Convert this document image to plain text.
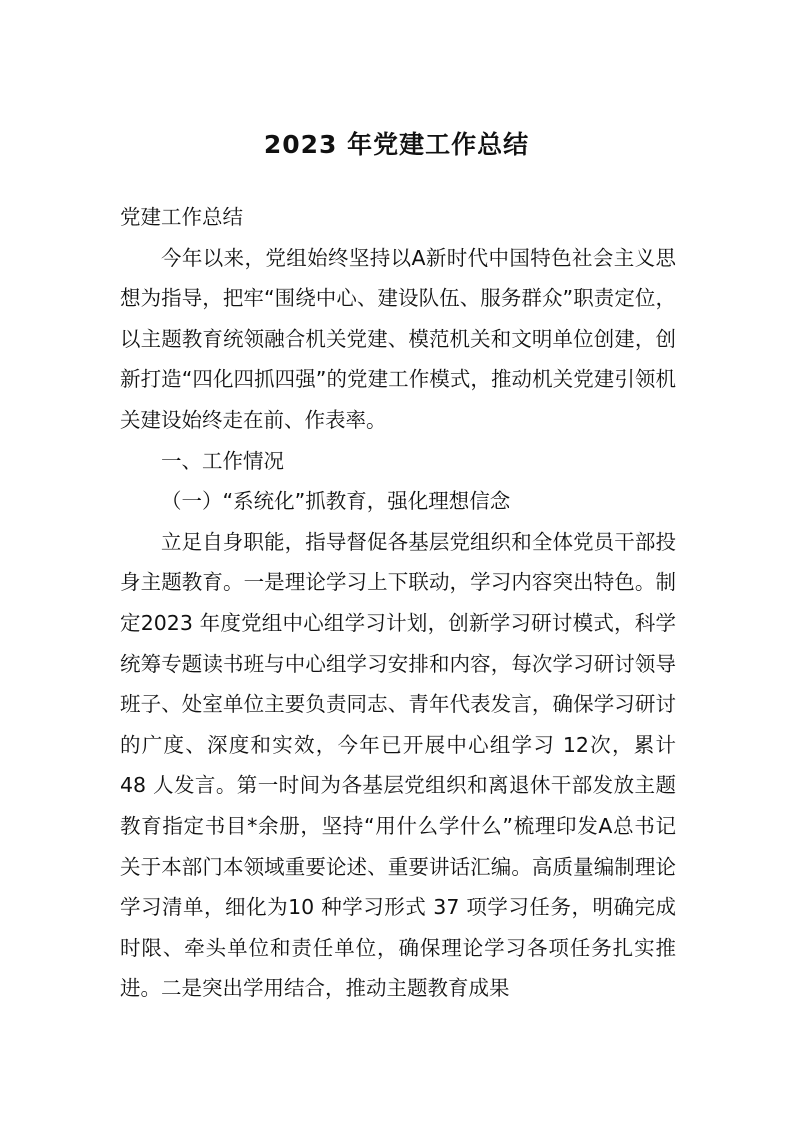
2023 年党建工作总结

党建工作总结

今年以来，党组始终坚持以A新时代中国特色社会主义思想为指导，把牢“围绕中心、建设队伍、服务群众”职责定位，以主题教育统领融合机关党建、模范机关和文明单位创建，创新打造“四化四抓四强”的党建工作模式，推动机关党建引领机关建设始终走在前、作表率。

一、工作情况

（一）“系统化”抓教育，强化理想信念

立足自身职能，指导督促各基层党组织和全体党员干部投身主题教育。一是理论学习上下联动，学习内容突出特色。制定2023 年度党组中心组学习计划，创新学习研讨模式，科学统筹专题读书班与中心组学习安排和内容，每次学习研讨领导班子、处室单位主要负责同志、青年代表发言，确保学习研讨的广度、深度和实效，今年已开展中心组学习 12次，累计 48 人发言。第一时间为各基层党组织和离退休干部发放主题教育指定书目*余册，坚持“用什么学什么”梳理印发A总书记关于本部门本领域重要论述、重要讲话汇编。高质量编制理论学习清单，细化为10 种学习形式 37 项学习任务，明确完成时限、牵头单位和责任单位，确保理论学习各项任务扎实推进。二是突出学用结合，推动主题教育成果
